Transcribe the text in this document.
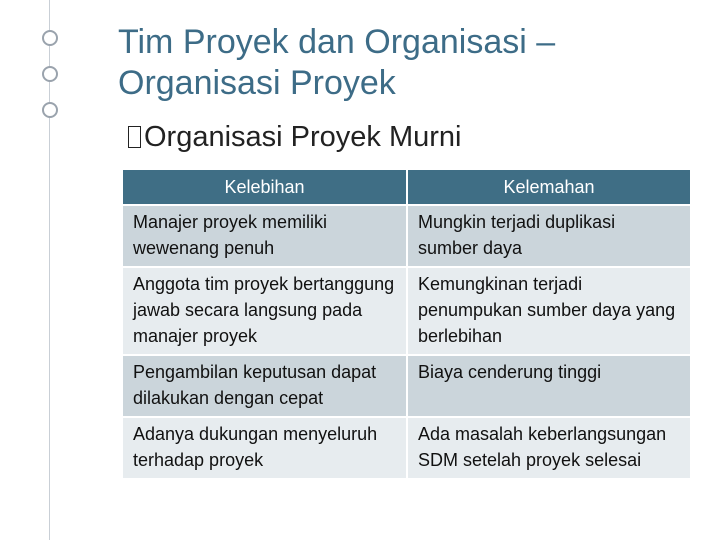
Tim Proyek dan Organisasi – Organisasi Proyek
Organisasi Proyek Murni
Kelebihan	Kelemahan
Manajer proyek memiliki wewenang penuh	Mungkin terjadi duplikasi sumber daya
Anggota tim proyek bertanggung jawab secara langsung pada manajer proyek	Kemungkinan terjadi penumpukan sumber daya yang berlebihan
Pengambilan keputusan dapat dilakukan dengan cepat	Biaya cenderung tinggi
Adanya dukungan menyeluruh terhadap proyek	Ada masalah keberlangsungan SDM setelah proyek selesai
